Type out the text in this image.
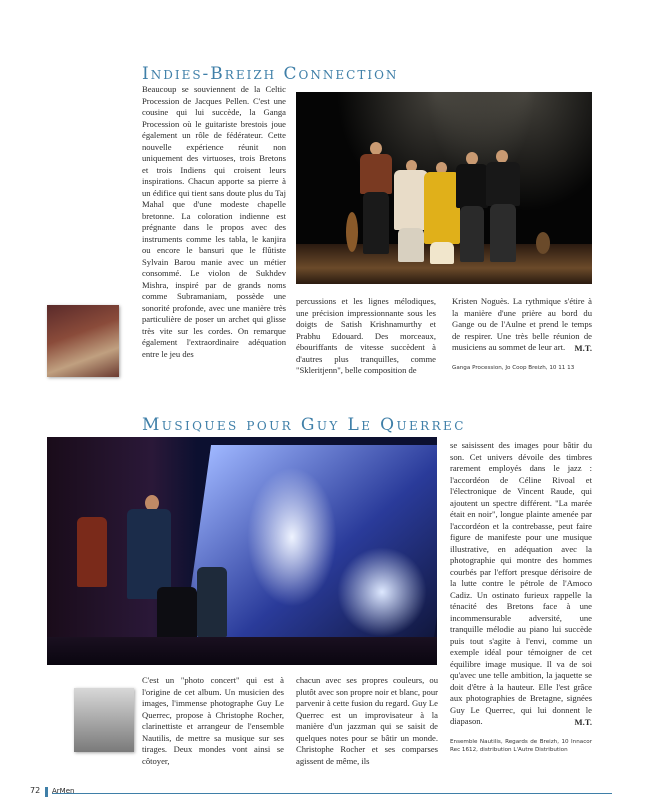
Indies-Breizh Connection

Beaucoup se souviennent de la Celtic Procession de Jacques Pellen. C'est une cousine qui lui succède, la Ganga Procession où le guitariste brestois joue également un rôle de fédérateur. Cette nouvelle expérience réunit non uniquement des virtuoses, trois Bretons et trois Indiens qui croisent leurs inspirations. Chacun apporte sa pierre à un édifice qui tient sans doute plus du Taj Mahal que d'une modeste chapelle bretonne. La coloration indienne est prégnante dans le propos avec des instruments comme les tabla, le kanjira ou encore le bansuri que le flûtiste Sylvain Barou manie avec un métier consommé. Le violon de Sukhdev Mishra, inspiré par de grands noms comme Subramaniam, possède une sonorité profonde, avec une manière très particulière de poser un archet qui glisse très vite sur les cordes. On remarque également l'extraordinaire adéquation entre le jeu des

percussions et les lignes mélodiques, une précision impressionnante sous les doigts de Satish Krishnamurthy et Prabhu Edouard. Des morceaux, ébouriffants de vitesse succèdent à d'autres plus tranquilles, comme "Skleritjenn", belle composition de

Kristen Noguès. La rythmique s'étire à la manière d'une prière au bord du Gange ou de l'Aulne et prend le temps de respirer. Une très belle réunion de musiciens au sommet de leur art.	M.T.

Ganga Procession, Jo Coop Breizh, 10 11 13

Musiques pour Guy Le Querrec

se saisissent des images pour bâtir du son. Cet univers dévoile des timbres rarement employés dans le jazz : l'accordéon de Céline Rivoal et l'électronique de Vincent Raude, qui ajoutent un spectre différent. "La marée était en noir", longue plainte amenée par l'accordéon et la contrebasse, peut faire figure de manifeste pour une musique illustrative, en adéquation avec la photographie qui montre des hommes courbés par l'effort presque dérisoire de la lutte contre le pétrole de l'Amoco Cadiz. Un ostinato furieux rappelle la ténacité des Bretons face à une incommensurable adversité, une tranquille mélodie au piano lui succède puis tout s'agite à l'envi, comme un exemple idéal pour témoigner de cet équilibre image musique. Il va de soi qu'avec une telle ambition, la jaquette se doit d'être à la hauteur. Elle l'est grâce aux photographies de Bretagne, signées Guy Le Querrec, qui lui donnent le diapason.	M.T.

Ensemble Nautilis, Regards de Breizh, 10 Innacor Rec 1612, distribution L'Autre Distribution

C'est un "photo concert" qui est à l'origine de cet album. Un musicien des images, l'immense photographe Guy Le Querrec, propose à Christophe Rocher, clarinettiste et arrangeur de l'ensemble Nautilis, de mettre sa musique sur ses tirages. Deux mondes vont ainsi se côtoyer,

chacun avec ses propres couleurs, ou plutôt avec son propre noir et blanc, pour parvenir à cette fusion du regard. Guy Le Querrec est un improvisateur à la manière d'un jazzman qui se saisit de quelques notes pour se bâtir un monde. Christophe Rocher et ses comparses agissent de même, ils

72 ArMen
